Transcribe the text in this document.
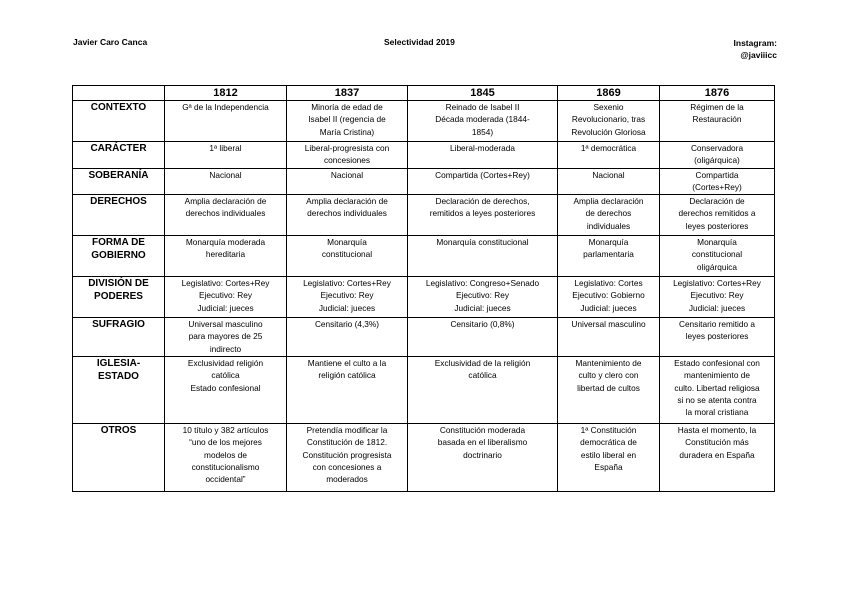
Javier Caro Canca	Selectividad 2019	Instagram:
@javiiicc
	1812	1837	1845	1869	1876

CONTEXTO	Gª de la Independencia	Minoría de edad de
Isabel II (regencia de
María Cristina)	Reinado de Isabel II
Década moderada (1844-
1854)	Sexenio
Revolucionario, tras
Revolución Gloriosa	Régimen de la
Restauración

CARÁCTER	1ª liberal	Liberal-progresista con
concesiones	Liberal-moderada	1ª democrática	Conservadora
(oligárquica)

SOBERANÍA	Nacional	Nacional	Compartida (Cortes+Rey)	Nacional	Compartida
(Cortes+Rey)

DERECHOS	Amplia declaración de
derechos individuales	Amplia declaración de
derechos individuales	Declaración de derechos,
remitidos a leyes posteriores	Amplia declaración
de derechos
individuales	Declaración de
derechos remitidos a
leyes posteriores

FORMA DE
GOBIERNO	Monarquía moderada
hereditaria	Monarquía
constitucional	Monarquía constitucional	Monarquía
parlamentaria	Monarquía
constitucional
oligárquica

DIVISIÓN DE
PODERES	Legislativo: Cortes+Rey
Ejecutivo: Rey
Judicial: jueces	Legislativo: Cortes+Rey
Ejecutivo: Rey
Judicial: jueces	Legislativo: Congreso+Senado
Ejecutivo: Rey
Judicial: jueces	Legislativo: Cortes
Ejecutivo: Gobierno
Judicial: jueces	Legislativo: Cortes+Rey
Ejecutivo: Rey
Judicial: jueces

SUFRAGIO	Universal masculino
para mayores de 25
indirecto	Censitario (4,3%)	Censitario (0,8%)	Universal masculino	Censitario remitido a
leyes posteriores

IGLESIA-
ESTADO	Exclusividad religión
católica
Estado confesional	Mantiene el culto a la
religión católica	Exclusividad de la religión
católica	Mantenimiento de
culto y clero con
libertad de cultos	Estado confesional con
mantenimiento de
culto. Libertad religiosa
si no se atenta contra
la moral cristiana

OTROS	10 título y 382 artículos
“uno de los mejores
modelos de
constitucionalismo
occidental”	Pretendía modificar la
Constitución de 1812.
Constitución progresista
con concesiones a
moderados	Constitución moderada
basada en el liberalismo
doctrinario	1ª Constitución
democrática de
estilo liberal en
España	Hasta el momento, la
Constitución más
duradera en España
